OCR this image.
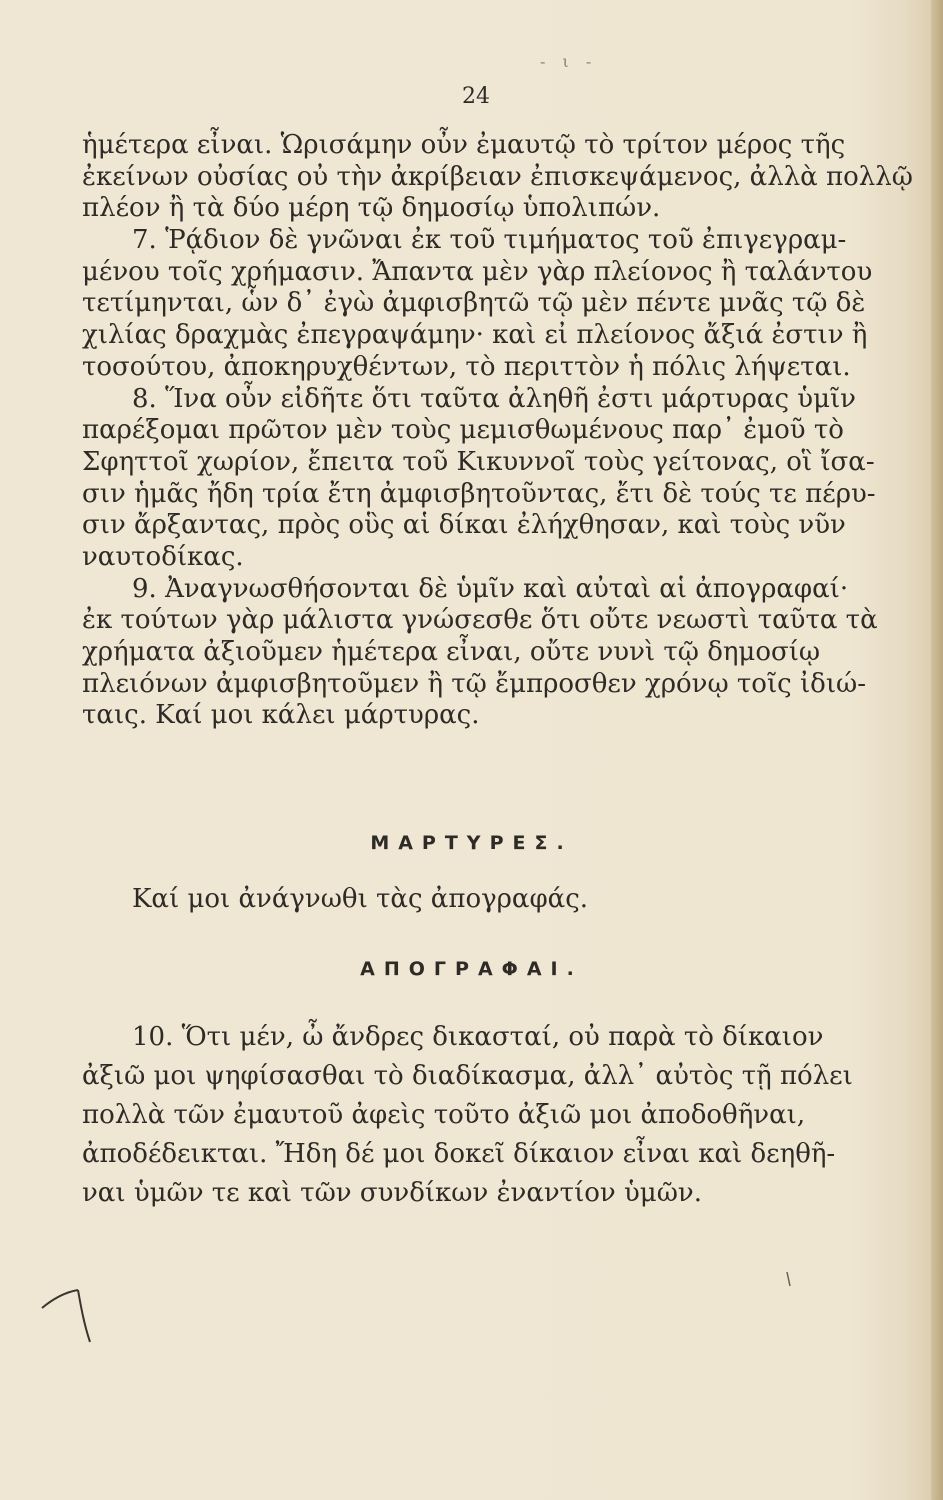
- ι -
24
ἡμέτερα εἶναι. Ὡρισάμην οὖν ἐμαυτῷ τὸ τρίτον μέρος τῆς
ἐκείνων οὐσίας οὐ τὴν ἀκρίβειαν ἐπισκεψάμενος, ἀλλὰ πολλῷ
πλέον ἢ τὰ δύο μέρη τῷ δημοσίῳ ὑπολιπών.
7. Ῥᾴδιον δὲ γνῶναι ἐκ τοῦ τιμήματος τοῦ ἐπιγεγραμ-
μένου τοῖς χρήμασιν. Ἄπαντα μὲν γὰρ πλείονος ἢ ταλάντου
τετίμηνται, ὧν δ᾽ ἐγὼ ἀμφισβητῶ τῷ μὲν πέντε μνᾶς τῷ δὲ
χιλίας δραχμὰς ἐπεγραψάμην· καὶ εἰ πλείονος ἄξιά ἐστιν ἢ
τοσούτου, ἀποκηρυχθέντων, τὸ περιττὸν ἡ πόλις λήψεται.
8. Ἵνα οὖν εἰδῆτε ὅτι ταῦτα ἀληθῆ ἐστι μάρτυρας ὑμῖν
παρέξομαι πρῶτον μὲν τοὺς μεμισθωμένους παρ᾽ ἐμοῦ τὸ
Σφηττοῖ χωρίον, ἔπειτα τοῦ Κικυννοῖ τοὺς γείτονας, οἳ ἴσα-
σιν ἡμᾶς ἤδη τρία ἔτη ἀμφισβητοῦντας, ἔτι δὲ τούς τε πέρυ-
σιν ἄρξαντας, πρὸς οὓς αἱ δίκαι ἐλήχθησαν, καὶ τοὺς νῦν
ναυτοδίκας.
9. Ἀναγνωσθήσονται δὲ ὑμῖν καὶ αὐταὶ αἱ ἀπογραφαί·
ἐκ τούτων γὰρ μάλιστα γνώσεσθε ὅτι οὔτε νεωστὶ ταῦτα τὰ
χρήματα ἀξιοῦμεν ἡμέτερα εἶναι, οὔτε νυνὶ τῷ δημοσίῳ
πλειόνων ἀμφισβητοῦμεν ἢ τῷ ἔμπροσθεν χρόνῳ τοῖς ἰδιώ-
ταις. Καί μοι κάλει μάρτυρας.
ΜΑΡΤΥΡΕΣ.
Καί μοι ἀνάγνωθι τὰς ἀπογραφάς.
ΑΠΟΓΡΑΦΑΙ.
10. Ὅτι μέν, ὦ ἄνδρες δικασταί, οὐ παρὰ τὸ δίκαιον
ἀξιῶ μοι ψηφίσασθαι τὸ διαδίκασμα, ἀλλ᾽ αὐτὸς τῇ πόλει
πολλὰ τῶν ἐμαυτοῦ ἀφεὶς τοῦτο ἀξιῶ μοι ἀποδοθῆναι,
ἀποδέδεικται. Ἤδη δέ μοι δοκεῖ δίκαιον εἶναι καὶ δεηθῆ-
ναι ὑμῶν τε καὶ τῶν συνδίκων ἐναντίον ὑμῶν.
